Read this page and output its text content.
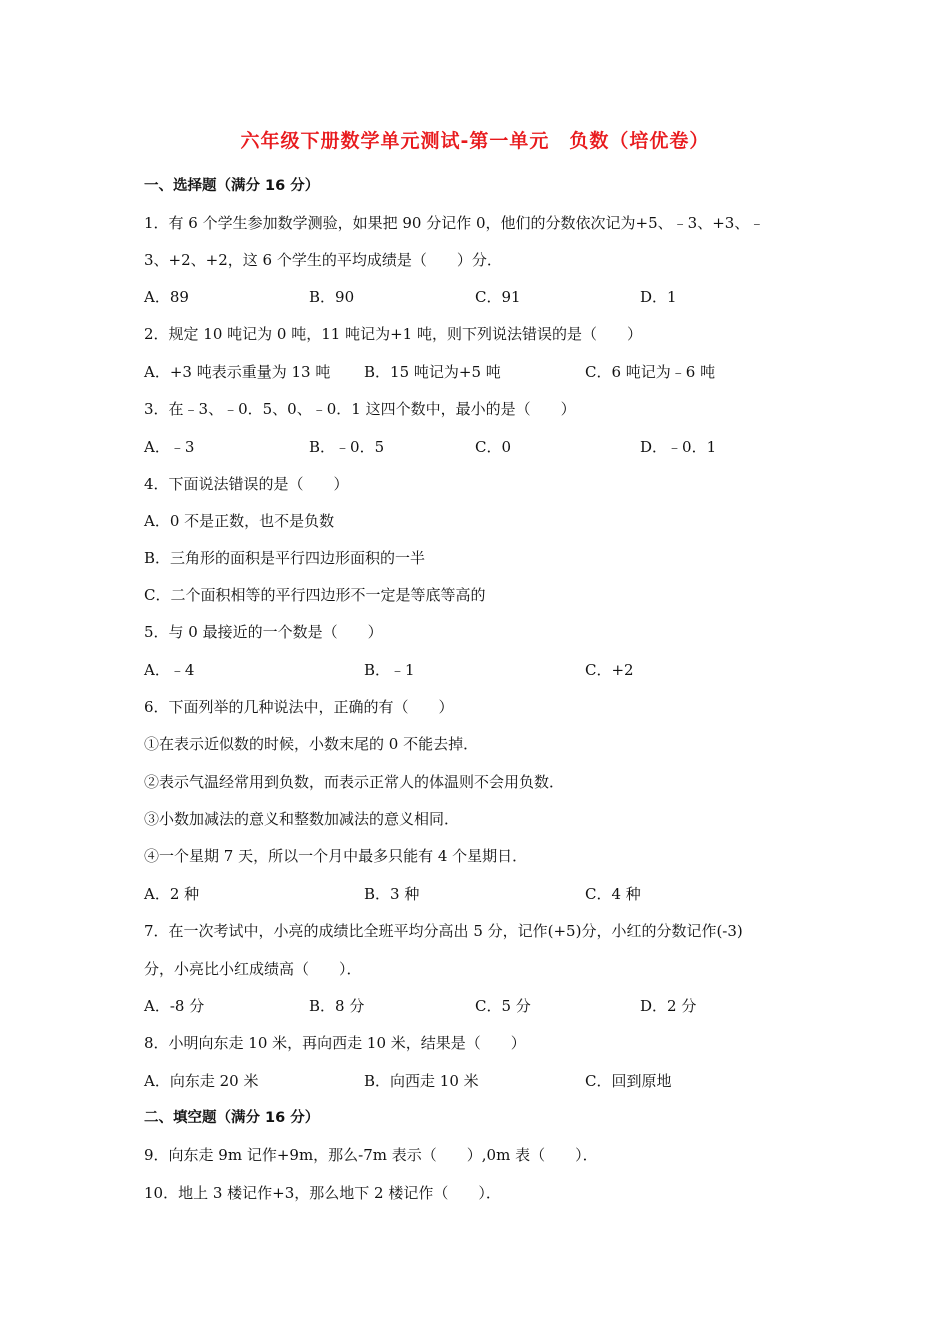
六年级下册数学单元测试-第一单元　负数（培优卷）
一、选择题（满分 16 分）
1．有 6 个学生参加数学测验，如果把 90 分记作 0，他们的分数依次记为+5、﹣3、+3、﹣
3、+2、+2，这 6 个学生的平均成绩是（　　）分．
A．89	B．90	C．91	D．1
2．规定 10 吨记为 0 吨，11 吨记为+1 吨，则下列说法错误的是（　　）
A．+3 吨表示重量为 13 吨 B．15 吨记为+5 吨	C．6 吨记为﹣6 吨
3．在﹣3、﹣0．5、0、﹣0．1 这四个数中，最小的是（　　）
A．﹣3	B．﹣0．5	C．0	D．﹣0．1
4．下面说法错误的是（　　）
A．0 不是正数，也不是负数
B．三角形的面积是平行四边形面积的一半
C．二个面积相等的平行四边形不一定是等底等高的
5．与 0 最接近的一个数是（　　）
A．﹣4	B．﹣1	C．+2
6．下面列举的几种说法中，正确的有（　　）
①在表示近似数的时候，小数末尾的 0 不能去掉．
②表示气温经常用到负数，而表示正常人的体温则不会用负数．
③小数加减法的意义和整数加减法的意义相同．
④一个星期 7 天，所以一个月中最多只能有 4 个星期日．
A．2 种	B．3 种	C．4 种
7．在一次考试中，小亮的成绩比全班平均分高出 5 分，记作(+5)分，小红的分数记作(-3)
分，小亮比小红成绩高（　　）．
A．-8 分	B．8 分	C．5 分	D．2 分
8．小明向东走 10 米，再向西走 10 米，结果是（　　）
A．向东走 20 米	B．向西走 10 米	C．回到原地
二、填空题（满分 16 分）
9．向东走 9m 记作+9m，那么-7m 表示（　　）,0m 表（　　）．
10．地上 3 楼记作+3，那么地下 2 楼记作（　　）．
